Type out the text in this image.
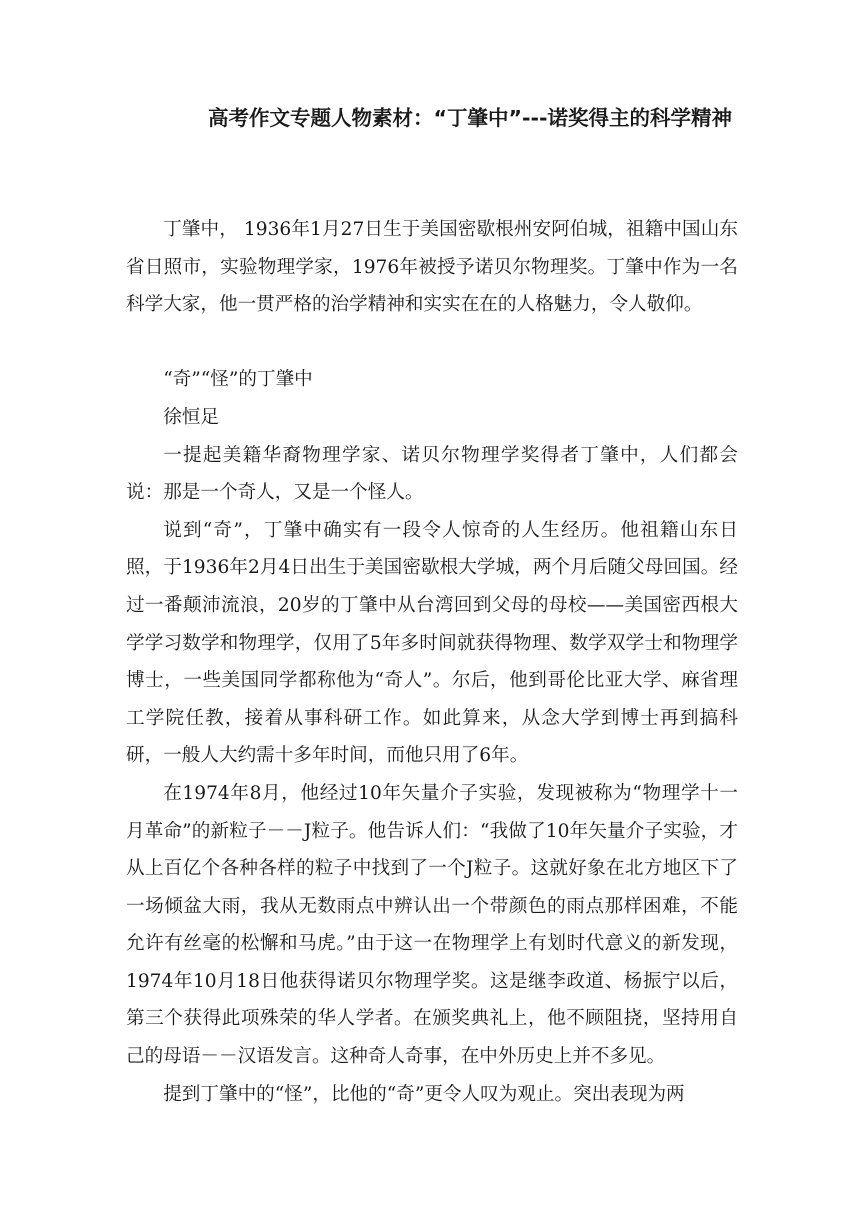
高考作文专题人物素材：“丁肇中”---诺奖得主的科学精神

丁肇中， 1936年1月27日生于美国密歇根州安阿伯城，祖籍中国山东省日照市，实验物理学家，1976年被授予诺贝尔物理奖。丁肇中作为一名科学大家，他一贯严格的治学精神和实实在在的人格魅力，令人敬仰。

“奇”“怪”的丁肇中

徐恒足

一提起美籍华裔物理学家、诺贝尔物理学奖得者丁肇中，人们都会说：那是一个奇人，又是一个怪人。

说到“奇”，丁肇中确实有一段令人惊奇的人生经历。他祖籍山东日照，于1936年2月4日出生于美国密歇根大学城，两个月后随父母回国。经过一番颠沛流浪，20岁的丁肇中从台湾回到父母的母校——美国密西根大学学习数学和物理学，仅用了5年多时间就获得物理、数学双学士和物理学博士，一些美国同学都称他为“奇人”。尔后，他到哥伦比亚大学、麻省理工学院任教，接着从事科研工作。如此算来，从念大学到博士再到搞科研，一般人大约需十多年时间，而他只用了6年。

在1974年8月，他经过10年矢量介子实验，发现被称为“物理学十一月革命”的新粒子－－J粒子。他告诉人们：“我做了10年矢量介子实验，才从上百亿个各种各样的粒子中找到了一个J粒子。这就好象在北方地区下了一场倾盆大雨，我从无数雨点中辨认出一个带颜色的雨点那样困难，不能允许有丝毫的松懈和马虎。”由于这一在物理学上有划时代意义的新发现，1974年10月18日他获得诺贝尔物理学奖。这是继李政道、杨振宁以后，第三个获得此项殊荣的华人学者。在颁奖典礼上，他不顾阻挠，坚持用自己的母语－－汉语发言。这种奇人奇事，在中外历史上并不多见。

提到丁肇中的“怪”，比他的“奇”更令人叹为观止。突出表现为两
